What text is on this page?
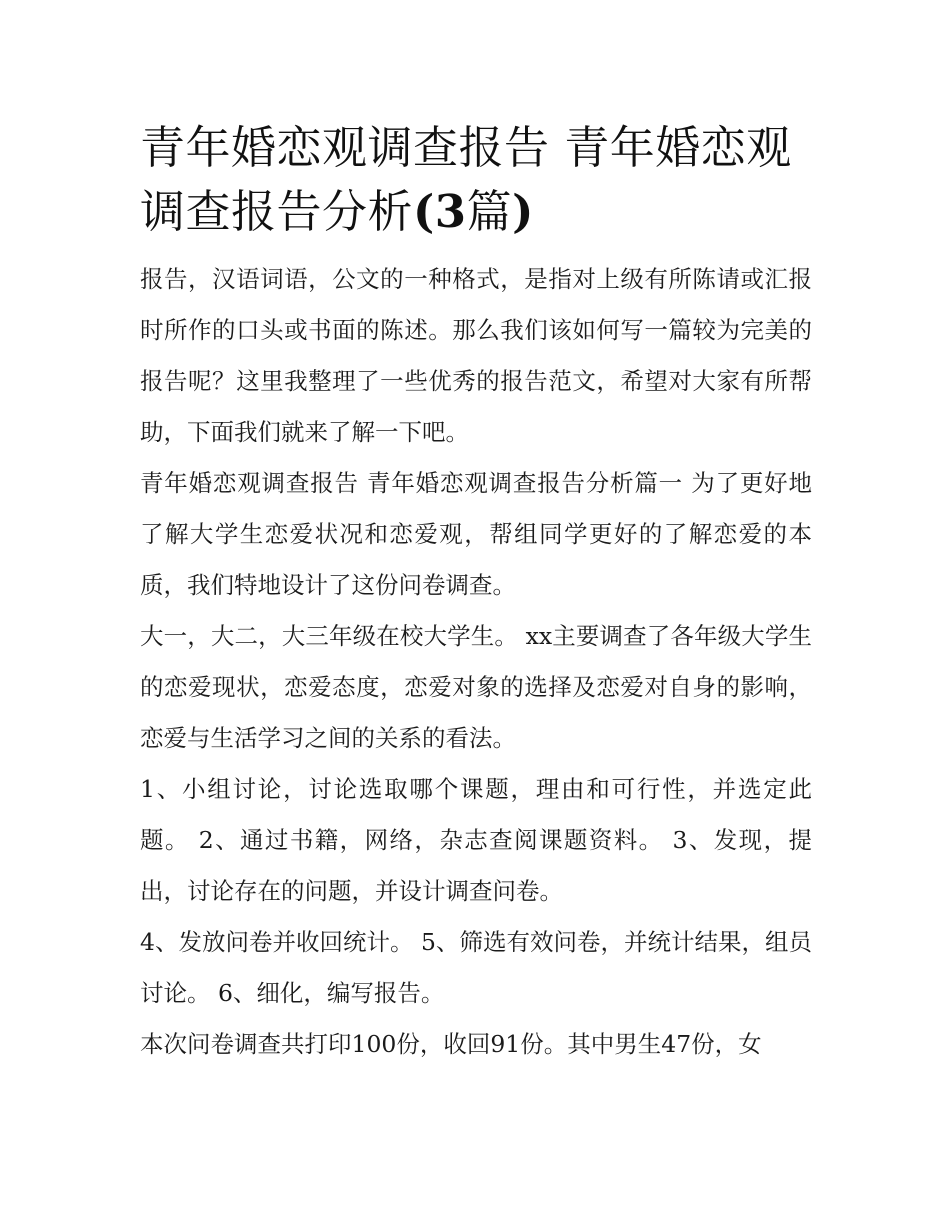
青年婚恋观调查报告 青年婚恋观调查报告分析(3篇)

报告，汉语词语，公文的一种格式，是指对上级有所陈请或汇报时所作的口头或书面的陈述。那么我们该如何写一篇较为完美的报告呢？这里我整理了一些优秀的报告范文，希望对大家有所帮助，下面我们就来了解一下吧。

青年婚恋观调查报告 青年婚恋观调查报告分析篇一 为了更好地了解大学生恋爱状况和恋爱观，帮组同学更好的了解恋爱的本质，我们特地设计了这份问卷调查。

大一，大二，大三年级在校大学生。 xx主要调查了各年级大学生的恋爱现状，恋爱态度，恋爱对象的选择及恋爱对自身的影响，恋爱与生活学习之间的关系的看法。

1、小组讨论，讨论选取哪个课题，理由和可行性，并选定此题。 2、通过书籍，网络，杂志查阅课题资料。 3、发现，提出，讨论存在的问题，并设计调查问卷。

4、发放问卷并收回统计。 5、筛选有效问卷，并统计结果，组员讨论。 6、细化，编写报告。

本次问卷调查共打印100份，收回91份。其中男生47份，女
